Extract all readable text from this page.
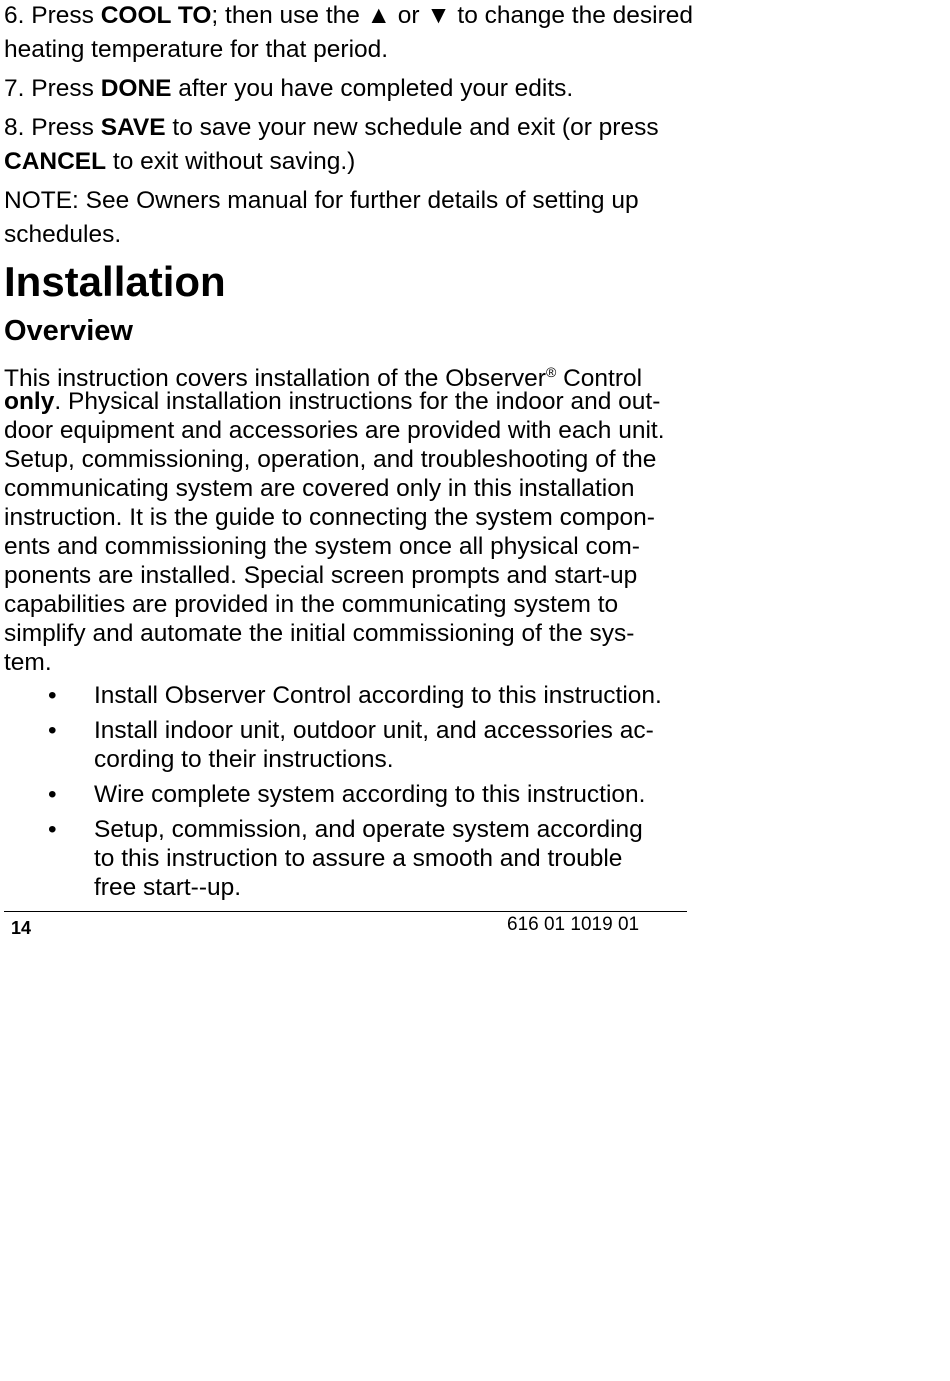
6. Press COOL TO; then use the ▲ or ▼ to change the desired
heating temperature for that period.
7. Press DONE after you have completed your edits.
8. Press SAVE to save your new schedule and exit (or press
CANCEL to exit without saving.)
NOTE: See Owners manual for further details of setting up
schedules.
Installation
Overview
This instruction covers installation of the Observer® Control
only. Physical installation instructions for the indoor and out-
door equipment and accessories are provided with each unit.
Setup, commissioning, operation, and troubleshooting of the
communicating system are covered only in this installation
instruction. It is the guide to connecting the system compon-
ents and commissioning the system once all physical com-
ponents are installed. Special screen prompts and start-up
capabilities are provided in the communicating system to
simplify and automate the initial commissioning of the sys-
tem.
• Install Observer Control according to this instruction.
• Install indoor unit, outdoor unit, and accessories ac-
cording to their instructions.
• Wire complete system according to this instruction.
• Setup, commission, and operate system according
to this instruction to assure a smooth and trouble
free start--up.
14	616 01 1019 01
